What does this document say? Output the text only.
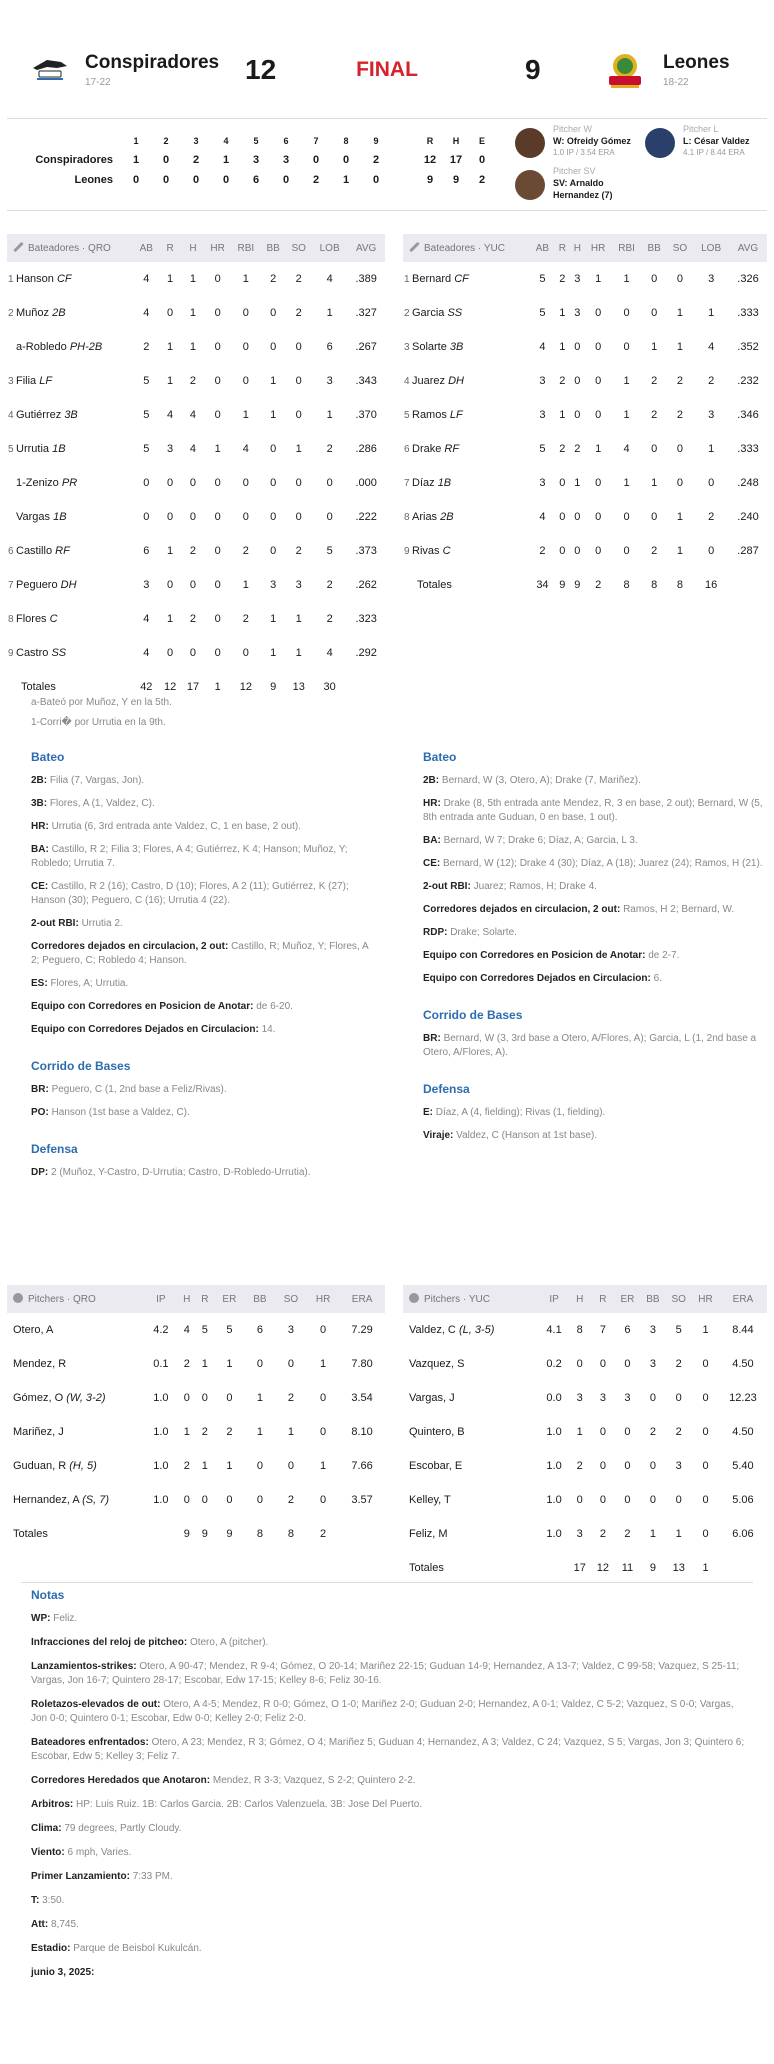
Conspiradores
17-22	12	FINAL	9	Leones
18-22
	1	2	3	4	5	6	7	8	9		R	H	E
Conspiradores	1	0	2	1	3	3	0	0	2		12	17	0
Leones	0	0	0	0	6	0	2	1	0		9	9	2
Pitcher W
W: Ofreidy Gómez
1.0 IP / 3.54 ERA
Pitcher L
L: César Valdez
4.1 IP / 8.44 ERA
Pitcher SV
SV: Arnaldo
Hernandez (7)
Bateadores · QRO	AB	R	H	HR	RBI	BB	SO	LOB	AVG
1 Hanson CF	4	1	1	0	1	2	2	4	.389
2 Muñoz 2B	4	0	1	0	0	0	2	1	.327
a-Robledo PH-2B	2	1	1	0	0	0	0	6	.267
3 Filia LF	5	1	2	0	0	1	0	3	.343
4 Gutiérrez 3B	5	4	4	0	1	1	0	1	.370
5 Urrutia 1B	5	3	4	1	4	0	1	2	.286
1-Zenizo PR	0	0	0	0	0	0	0	0	.000
Vargas 1B	0	0	0	0	0	0	0	0	.222
6 Castillo RF	6	1	2	0	2	0	2	5	.373
7 Peguero DH	3	0	0	0	1	3	3	2	.262
8 Flores C	4	1	2	0	2	1	1	2	.323
9 Castro SS	4	0	0	0	0	1	1	4	.292
Totales	42	12	17	1	12	9	13	30	
Bateadores · YUC	AB	R	H	HR	RBI	BB	SO	LOB	AVG
1 Bernard CF	5	2	3	1	1	0	0	3	.326
2 Garcia SS	5	1	3	0	0	0	1	1	.333
3 Solarte 3B	4	1	0	0	0	1	1	4	.352
4 Juarez DH	3	2	0	0	1	2	2	2	.232
5 Ramos LF	3	1	0	0	1	2	2	3	.346
6 Drake RF	5	2	2	1	4	0	0	1	.333
7 Díaz 1B	3	0	1	0	1	1	0	0	.248
8 Arias 2B	4	0	0	0	0	0	1	2	.240
9 Rivas C	2	0	0	0	0	2	1	0	.287
Totales	34	9	9	2	8	8	8	16	
a-Bateó por Muñoz, Y en la 5th.
1-Corri� por Urrutia en la 9th.
Bateo
2B: Filia (7, Vargas, Jon).
3B: Flores, A (1, Valdez, C).
HR: Urrutia (6, 3rd entrada ante Valdez, C, 1 en base, 2 out).
BA: Castillo, R 2; Filia 3; Flores, A 4; Gutiérrez, K 4; Hanson; Muñoz, Y; Robledo; Urrutia 7.
CE: Castillo, R 2 (16); Castro, D (10); Flores, A 2 (11); Gutiérrez, K (27); Hanson (30); Peguero, C (16); Urrutia 4 (22).
2-out RBI: Urrutia 2.
Corredores dejados en circulacion, 2 out: Castillo, R; Muñoz, Y; Flores, A 2; Peguero, C; Robledo 4; Hanson.
ES: Flores, A; Urrutia.
Equipo con Corredores en Posicion de Anotar: de 6-20.
Equipo con Corredores Dejados en Circulacion: 14.
Corrido de Bases
BR: Peguero, C (1, 2nd base a Feliz/Rivas).
PO: Hanson (1st base a Valdez, C).
Defensa
DP: 2 (Muñoz, Y-Castro, D-Urrutia; Castro, D-Robledo-Urrutia).
Bateo
2B: Bernard, W (3, Otero, A); Drake (7, Mariñez).
HR: Drake (8, 5th entrada ante Mendez, R, 3 en base, 2 out); Bernard, W (5, 8th entrada ante Guduan, 0 en base, 1 out).
BA: Bernard, W 7; Drake 6; Díaz, A; Garcia, L 3.
CE: Bernard, W (12); Drake 4 (30); Díaz, A (18); Juarez (24); Ramos, H (21).
2-out RBI: Juarez; Ramos, H; Drake 4.
Corredores dejados en circulacion, 2 out: Ramos, H 2; Bernard, W.
RDP: Drake; Solarte.
Equipo con Corredores en Posicion de Anotar: de 2-7.
Equipo con Corredores Dejados en Circulacion: 6.
Corrido de Bases
BR: Bernard, W (3, 3rd base a Otero, A/Flores, A); Garcia, L (1, 2nd base a Otero, A/Flores, A).
Defensa
E: Díaz, A (4, fielding); Rivas (1, fielding).
Viraje: Valdez, C (Hanson at 1st base).
Pitchers · QRO	IP	H	R	ER	BB	SO	HR	ERA
Otero, A	4.2	4	5	5	6	3	0	7.29
Mendez, R	0.1	2	1	1	0	0	1	7.80
Gómez, O (W, 3-2)	1.0	0	0	0	1	2	0	3.54
Mariñez, J	1.0	1	2	2	1	1	0	8.10
Guduan, R (H, 5)	1.0	2	1	1	0	0	1	7.66
Hernandez, A (S, 7)	1.0	0	0	0	0	2	0	3.57
Totales		9	9	9	8	8	2	
Pitchers · YUC	IP	H	R	ER	BB	SO	HR	ERA
Valdez, C (L, 3-5)	4.1	8	7	6	3	5	1	8.44
Vazquez, S	0.2	0	0	0	3	2	0	4.50
Vargas, J	0.0	3	3	3	0	0	0	12.23
Quintero, B	1.0	1	0	0	2	2	0	4.50
Escobar, E	1.0	2	0	0	0	3	0	5.40
Kelley, T	1.0	0	0	0	0	0	0	5.06
Feliz, M	1.0	3	2	2	1	1	0	6.06
Totales		17	12	11	9	13	1	
Notas
WP: Feliz.
Infracciones del reloj de pitcheo: Otero, A (pitcher).
Lanzamientos-strikes: Otero, A 90-47; Mendez, R 9-4; Gómez, O 20-14; Mariñez 22-15; Guduan 14-9; Hernandez, A 13-7; Valdez, C 99-58; Vazquez, S 25-11; Vargas, Jon 16-7; Quintero 28-17; Escobar, Edw 17-15; Kelley 8-6; Feliz 30-16.
Roletazos-elevados de out: Otero, A 4-5; Mendez, R 0-0; Gómez, O 1-0; Mariñez 2-0; Guduan 2-0; Hernandez, A 0-1; Valdez, C 5-2; Vazquez, S 0-0; Vargas, Jon 0-0; Quintero 0-1; Escobar, Edw 0-0; Kelley 2-0; Feliz 2-0.
Bateadores enfrentados: Otero, A 23; Mendez, R 3; Gómez, O 4; Mariñez 5; Guduan 4; Hernandez, A 3; Valdez, C 24; Vazquez, S 5; Vargas, Jon 3; Quintero 6; Escobar, Edw 5; Kelley 3; Feliz 7.
Corredores Heredados que Anotaron: Mendez, R 3-3; Vazquez, S 2-2; Quintero 2-2.
Arbitros: HP: Luis Ruiz. 1B: Carlos Garcia. 2B: Carlos Valenzuela. 3B: Jose Del Puerto.
Clima: 79 degrees, Partly Cloudy.
Viento: 6 mph, Varies.
Primer Lanzamiento: 7:33 PM.
T: 3:50.
Att: 8,745.
Estadio: Parque de Beisbol Kukulcán.
junio 3, 2025:
